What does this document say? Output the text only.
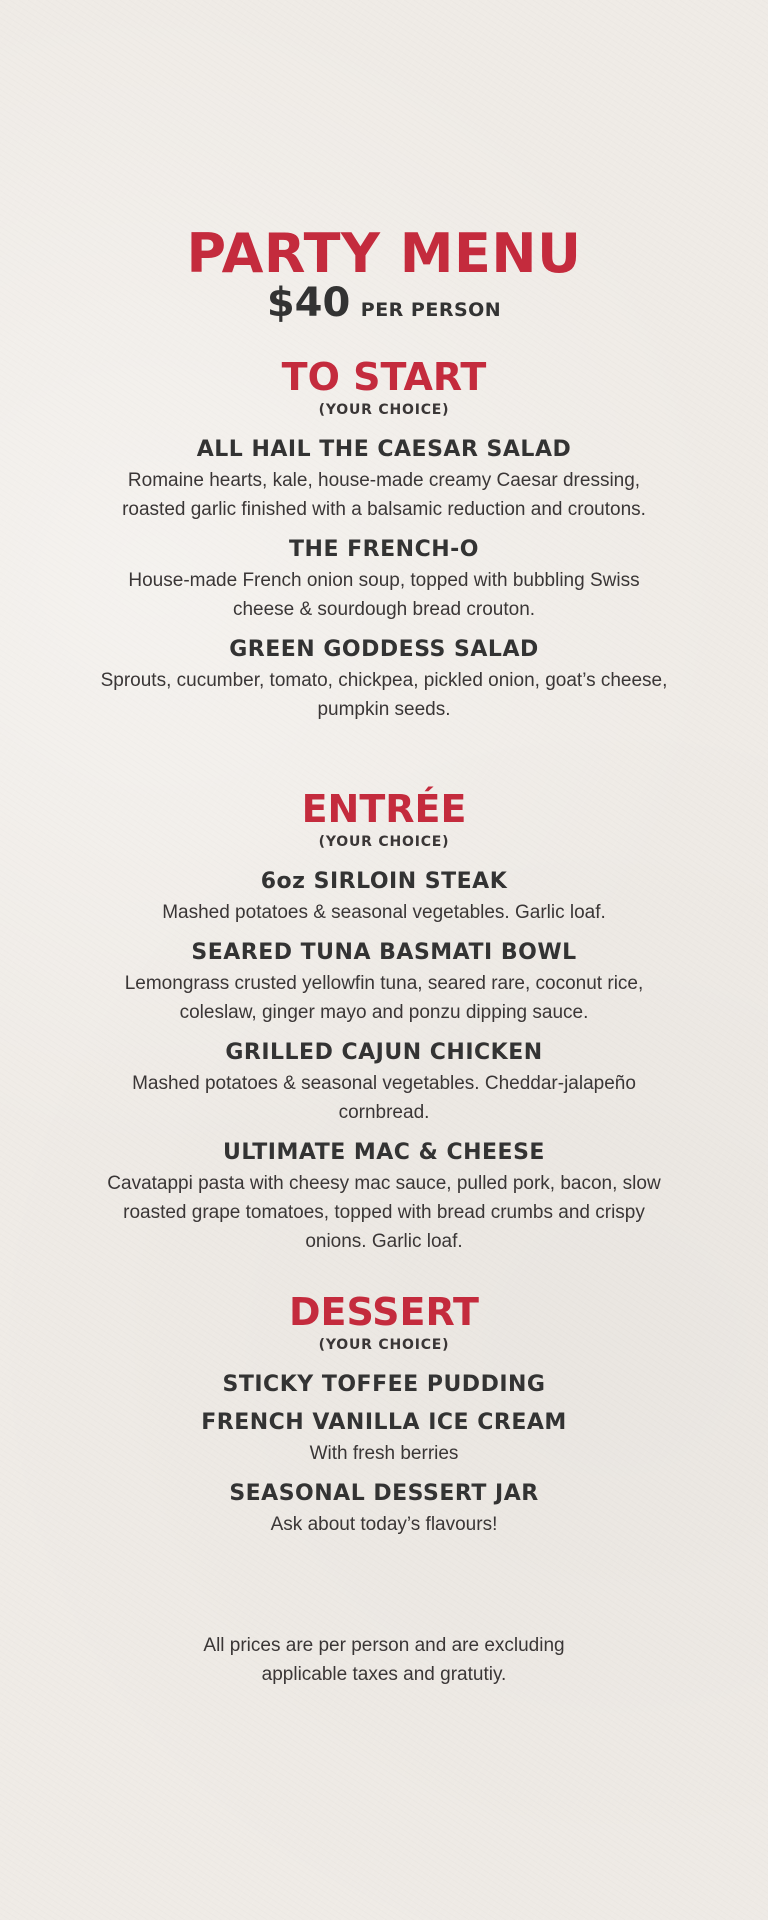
PARTY MENU
$40 PER PERSON
TO START
(YOUR CHOICE)
ALL HAIL THE CAESAR SALAD
Romaine hearts, kale, house-made creamy Caesar dressing, roasted garlic finished with a balsamic reduction and croutons.
THE FRENCH-O
House-made French onion soup, topped with bubbling Swiss cheese & sourdough bread crouton.
GREEN GODDESS SALAD
Sprouts, cucumber, tomato, chickpea, pickled onion, goat’s cheese, pumpkin seeds.
ENTRÉE
(YOUR CHOICE)
6oz SIRLOIN STEAK
Mashed potatoes & seasonal vegetables. Garlic loaf.
SEARED TUNA BASMATI BOWL
Lemongrass crusted yellowfin tuna, seared rare, coconut rice, coleslaw, ginger mayo and ponzu dipping sauce.
GRILLED CAJUN CHICKEN
Mashed potatoes & seasonal vegetables. Cheddar-jalapeño cornbread.
ULTIMATE MAC & CHEESE
Cavatappi pasta with cheesy mac sauce, pulled pork, bacon, slow roasted grape tomatoes, topped with bread crumbs and crispy onions. Garlic loaf.
DESSERT
(YOUR CHOICE)
STICKY TOFFEE PUDDING
FRENCH VANILLA ICE CREAM
With fresh berries
SEASONAL DESSERT JAR
Ask about today’s flavours!
All prices are per person and are excluding applicable taxes and gratutiy.
